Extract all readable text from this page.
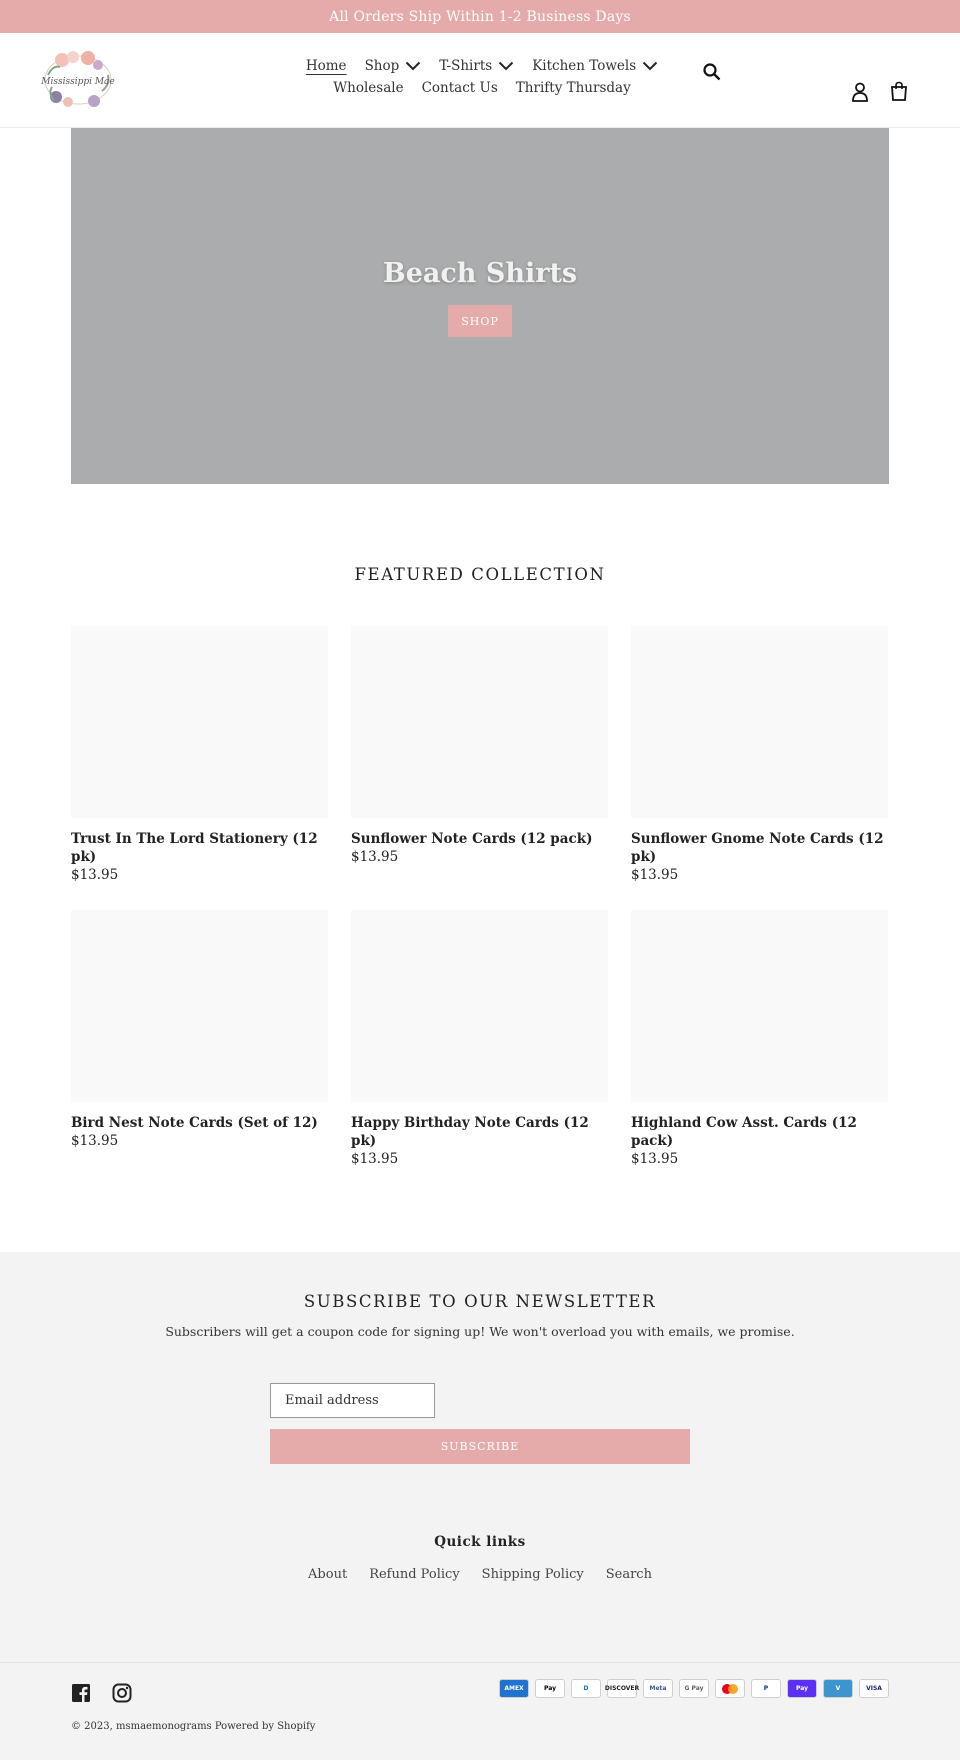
All Orders Ship Within 1-2 Business Days
Mississippi Mae
Home Shop	T-Shirts	Kitchen Towels
Wholesale Contact Us Thrifty Thursday
Beach Shirts
SHOP
FEATURED COLLECTION
Trust In The Lord Stationery (12 pk)
$13.95
Sunflower Note Cards (12 pack)
$13.95
Sunflower Gnome Note Cards (12 pk)
$13.95
Bird Nest Note Cards (Set of 12)
$13.95
Happy Birthday Note Cards (12 pk)
$13.95
Highland Cow Asst. Cards (12 pack)
$13.95
SUBSCRIBE TO OUR NEWSLETTER
Subscribers will get a coupon code for signing up! We won't overload you with emails, we promise.
Email address
SUBSCRIBE
Quick links
About Refund Policy Shipping Policy Search
© 2023, msmaemonograms Powered by Shopify
AMEX	Pay	D	DISCOVER	Meta	G Pay	P	Pay	V	VISA
